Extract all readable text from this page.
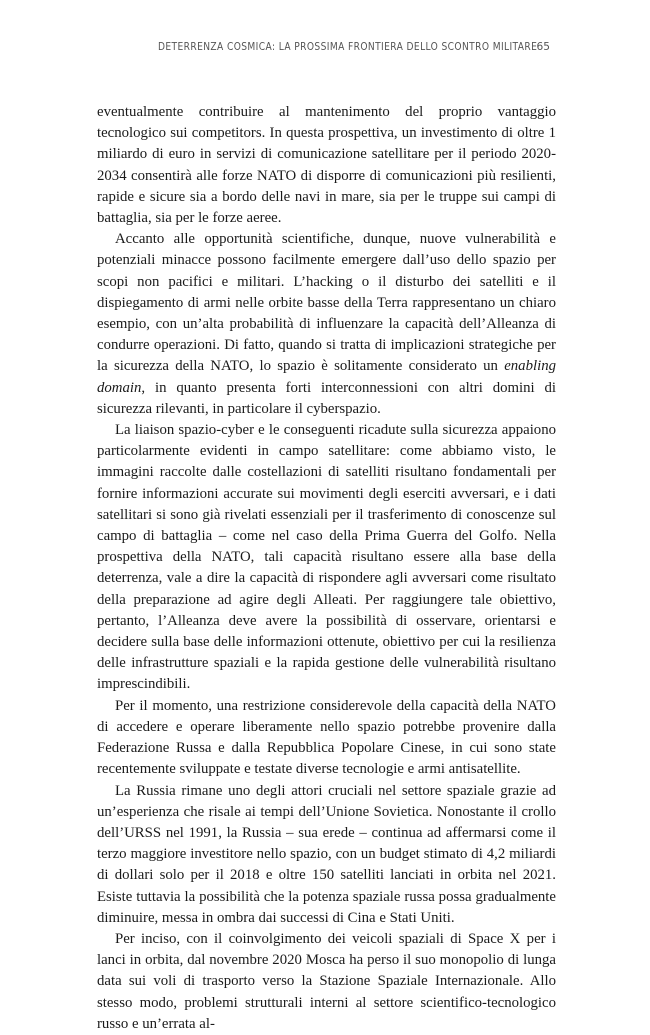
DETERRENZA COSMICA: LA PROSSIMA FRONTIERA DELLO SCONTRO MILITARE 65

eventualmente contribuire al mantenimento del proprio vantaggio tecnologico sui competitors. In questa prospettiva, un investimento di oltre 1 miliardo di euro in servizi di comunicazione satellitare per il periodo 2020-2034 consentirà alle forze NATO di disporre di comunicazioni più resilienti, rapide e sicure sia a bordo delle navi in mare, sia per le truppe sui campi di battaglia, sia per le forze aeree.

Accanto alle opportunità scientifiche, dunque, nuove vulnerabilità e potenziali minacce possono facilmente emergere dall’uso dello spazio per scopi non pacifici e militari. L’hacking o il disturbo dei satelliti e il dispiegamento di armi nelle orbite basse della Terra rappresentano un chiaro esempio, con un’alta probabilità di influenzare la capacità dell’Alleanza di condurre operazioni. Di fatto, quando si tratta di implicazioni strategiche per la sicurezza della NATO, lo spazio è solitamente considerato un enabling domain, in quanto presenta forti interconnessioni con altri domini di sicurezza rilevanti, in particolare il cyberspazio.

La liaison spazio-cyber e le conseguenti ricadute sulla sicurezza appaiono particolarmente evidenti in campo satellitare: come abbiamo visto, le immagini raccolte dalle costellazioni di satelliti risultano fondamentali per fornire informazioni accurate sui movimenti degli eserciti avversari, e i dati satellitari si sono già rivelati essenziali per il trasferimento di conoscenze sul campo di battaglia – come nel caso della Prima Guerra del Golfo. Nella prospettiva della NATO, tali capacità risultano essere alla base della deterrenza, vale a dire la capacità di rispondere agli avversari come risultato della preparazione ad agire degli Alleati. Per raggiungere tale obiettivo, pertanto, l’Alleanza deve avere la possibilità di osservare, orientarsi e decidere sulla base delle informazioni ottenute, obiettivo per cui la resilienza delle infrastrutture spaziali e la rapida gestione delle vulnerabilità risultano imprescindibili.

Per il momento, una restrizione considerevole della capacità della NATO di accedere e operare liberamente nello spazio potrebbe provenire dalla Federazione Russa e dalla Repubblica Popolare Cinese, in cui sono state recentemente sviluppate e testate diverse tecnologie e armi antisatellite.

La Russia rimane uno degli attori cruciali nel settore spaziale grazie ad un’esperienza che risale ai tempi dell’Unione Sovietica. Nonostante il crollo dell’URSS nel 1991, la Russia – sua erede – continua ad affermarsi come il terzo maggiore investitore nello spazio, con un budget stimato di 4,2 miliardi di dollari solo per il 2018 e oltre 150 satelliti lanciati in orbita nel 2021. Esiste tuttavia la possibilità che la potenza spaziale russa possa gradualmente diminuire, messa in ombra dai successi di Cina e Stati Uniti.

Per inciso, con il coinvolgimento dei veicoli spaziali di Space X per i lanci in orbita, dal novembre 2020 Mosca ha perso il suo monopolio di lunga data sui voli di trasporto verso la Stazione Spaziale Internazionale. Allo stesso modo, problemi strutturali interni al settore scientifico-tecnologico russo e un’errata al-
